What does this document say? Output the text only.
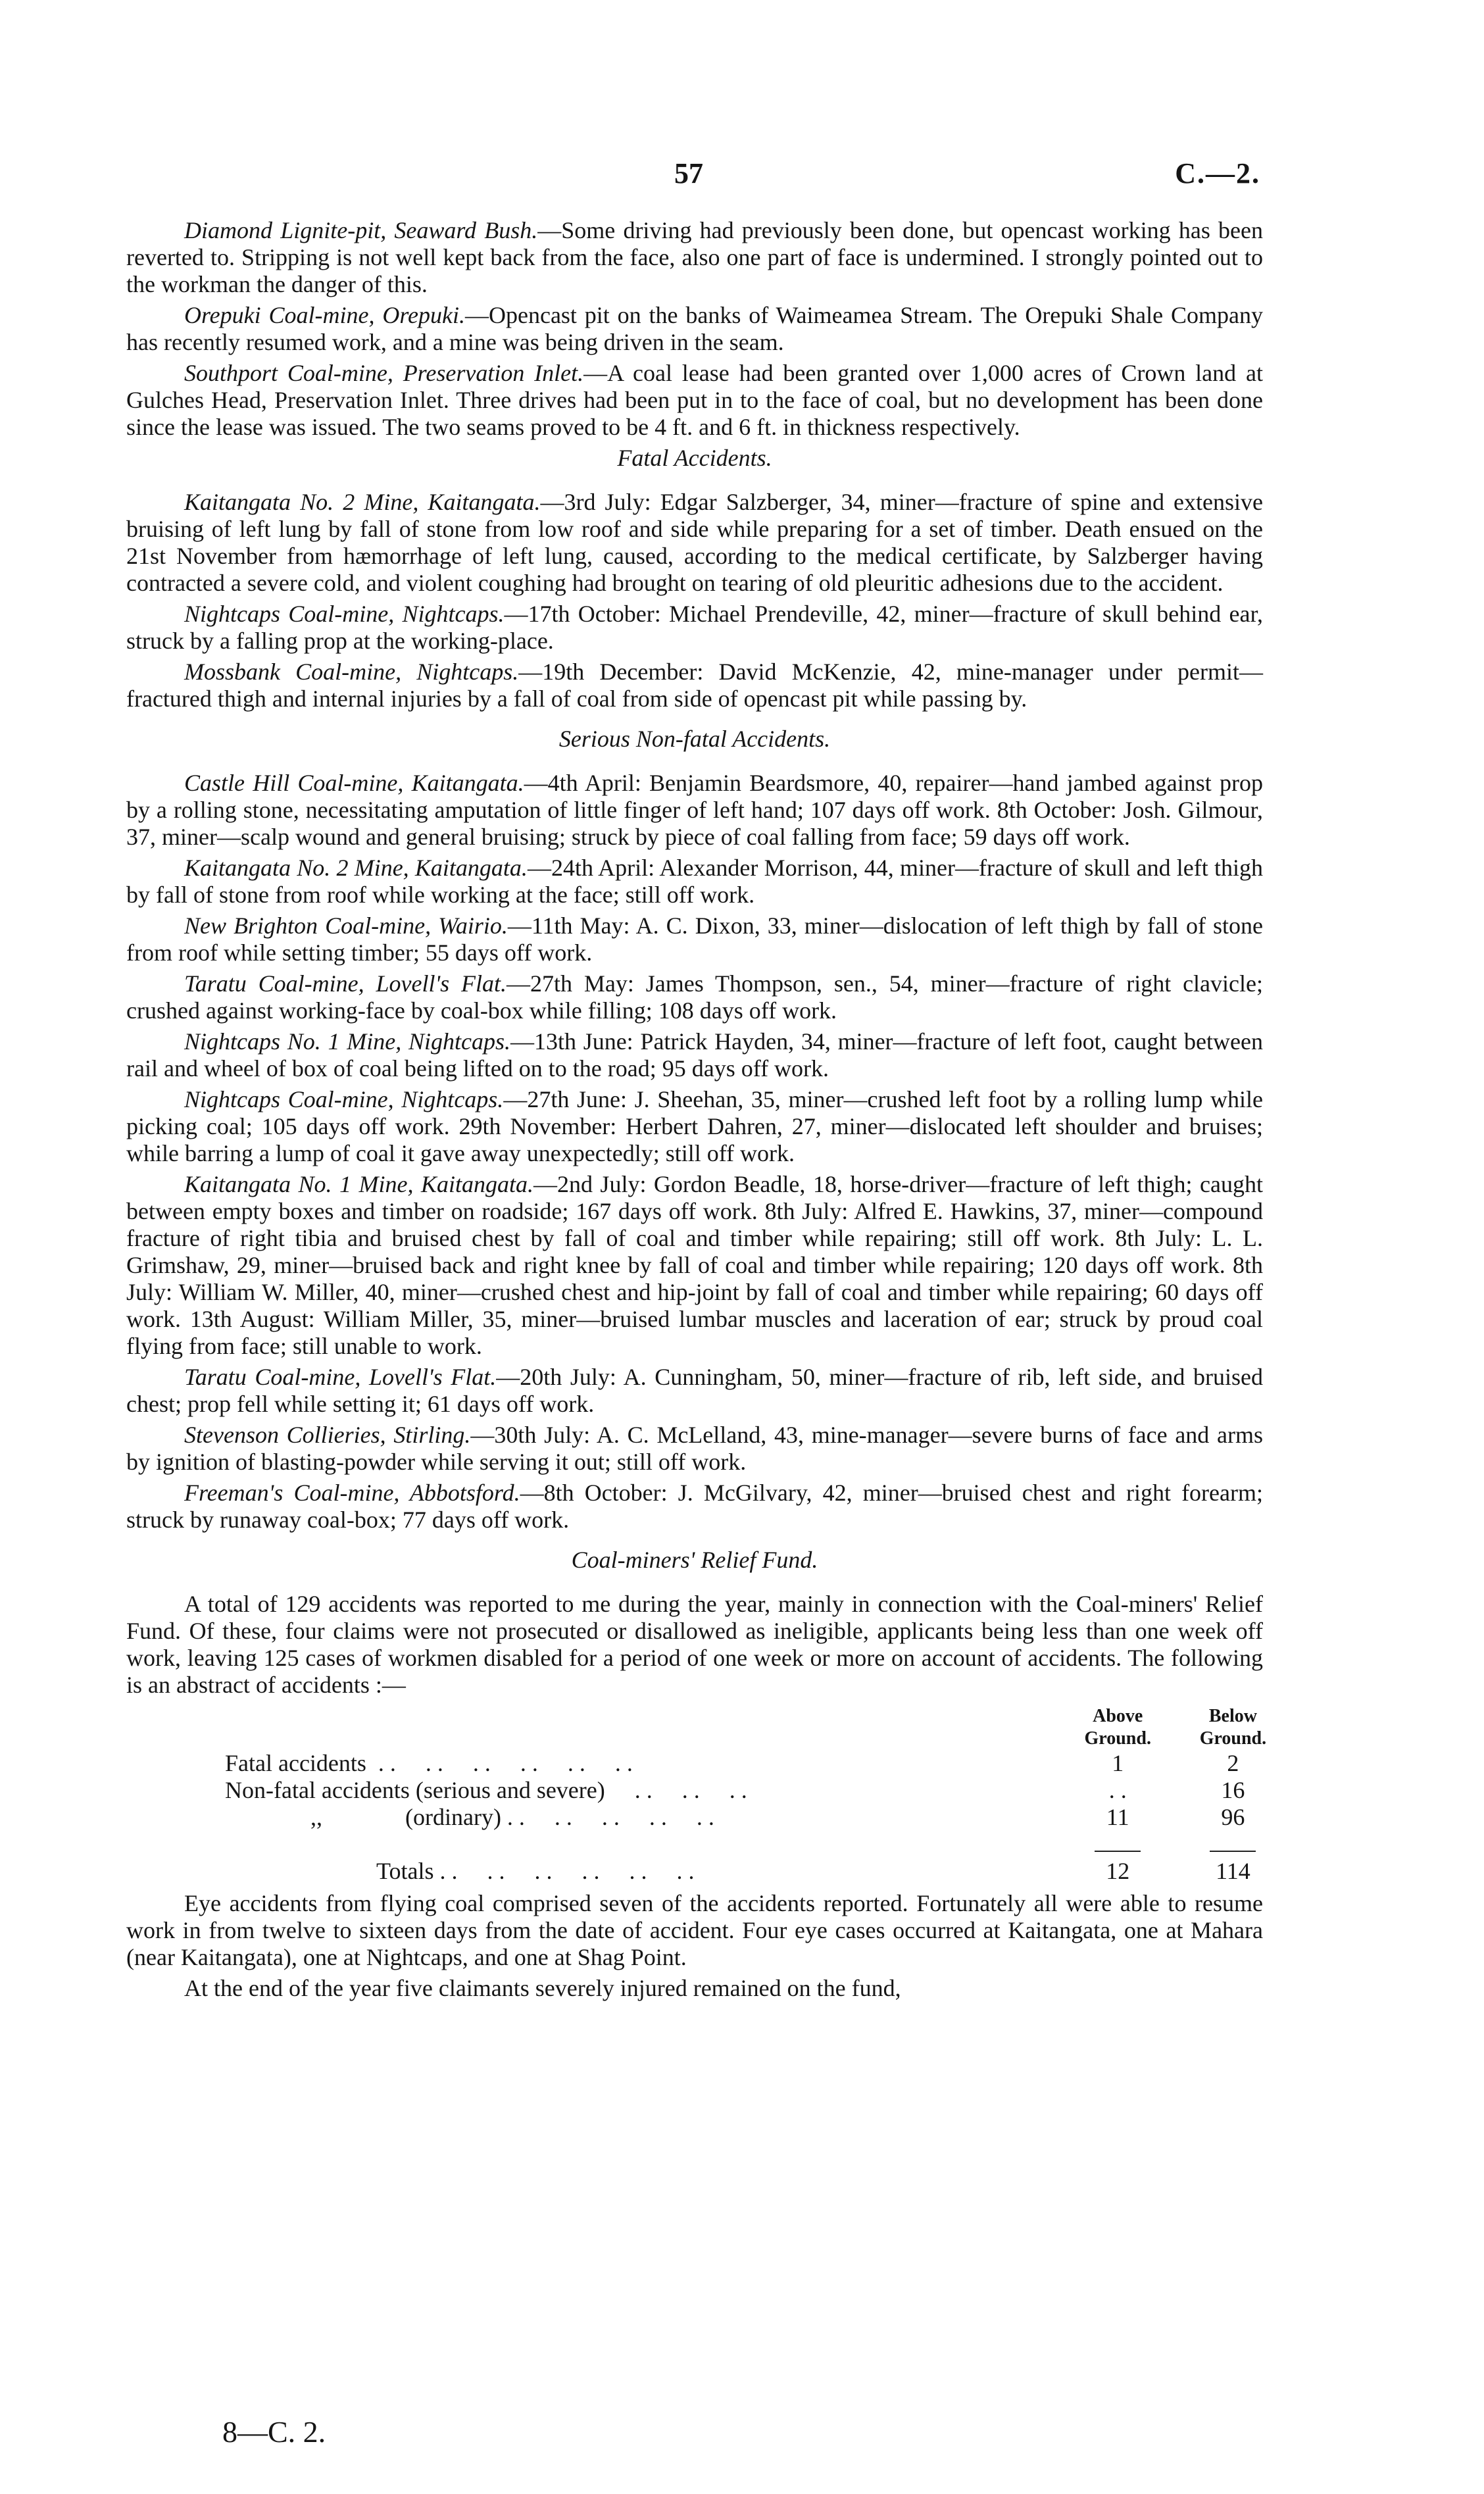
57	C.—2.

Diamond Lignite-pit, Seaward Bush.—Some driving had previously been done, but opencast working has been reverted to. Stripping is not well kept back from the face, also one part of face is undermined. I strongly pointed out to the workman the danger of this.

Orepuki Coal-mine, Orepuki.—Opencast pit on the banks of Waimeamea Stream. The Orepuki Shale Company has recently resumed work, and a mine was being driven in the seam.

Southport Coal-mine, Preservation Inlet.—A coal lease had been granted over 1,000 acres of Crown land at Gulches Head, Preservation Inlet. Three drives had been put in to the face of coal, but no development has been done since the lease was issued. The two seams proved to be 4 ft. and 6 ft. in thickness respectively.

Fatal Accidents.

Kaitangata No. 2 Mine, Kaitangata.—3rd July: Edgar Salzberger, 34, miner—fracture of spine and extensive bruising of left lung by fall of stone from low roof and side while preparing for a set of timber. Death ensued on the 21st November from hæmorrhage of left lung, caused, according to the medical certificate, by Salzberger having contracted a severe cold, and violent coughing had brought on tearing of old pleuritic adhesions due to the accident.

Nightcaps Coal-mine, Nightcaps.—17th October: Michael Prendeville, 42, miner—fracture of skull behind ear, struck by a falling prop at the working-place.

Mossbank Coal-mine, Nightcaps.—19th December: David McKenzie, 42, mine-manager under permit—fractured thigh and internal injuries by a fall of coal from side of opencast pit while passing by.

Serious Non-fatal Accidents.

Castle Hill Coal-mine, Kaitangata.—4th April: Benjamin Beardsmore, 40, repairer—hand jambed against prop by a rolling stone, necessitating amputation of little finger of left hand; 107 days off work. 8th October: Josh. Gilmour, 37, miner—scalp wound and general bruising; struck by piece of coal falling from face; 59 days off work.

Kaitangata No. 2 Mine, Kaitangata.—24th April: Alexander Morrison, 44, miner—fracture of skull and left thigh by fall of stone from roof while working at the face; still off work.

New Brighton Coal-mine, Wairio.—11th May: A. C. Dixon, 33, miner—dislocation of left thigh by fall of stone from roof while setting timber; 55 days off work.

Taratu Coal-mine, Lovell's Flat.—27th May: James Thompson, sen., 54, miner—fracture of right clavicle; crushed against working-face by coal-box while filling; 108 days off work.

Nightcaps No. 1 Mine, Nightcaps.—13th June: Patrick Hayden, 34, miner—fracture of left foot, caught between rail and wheel of box of coal being lifted on to the road; 95 days off work.

Nightcaps Coal-mine, Nightcaps.—27th June: J. Sheehan, 35, miner—crushed left foot by a rolling lump while picking coal; 105 days off work. 29th November: Herbert Dahren, 27, miner—dislocated left shoulder and bruises; while barring a lump of coal it gave away unexpectedly; still off work.

Kaitangata No. 1 Mine, Kaitangata.—2nd July: Gordon Beadle, 18, horse-driver—fracture of left thigh; caught between empty boxes and timber on roadside; 167 days off work. 8th July: Alfred E. Hawkins, 37, miner—compound fracture of right tibia and bruised chest by fall of coal and timber while repairing; still off work. 8th July: L. L. Grimshaw, 29, miner—bruised back and right knee by fall of coal and timber while repairing; 120 days off work. 8th July: William W. Miller, 40, miner—crushed chest and hip-joint by fall of coal and timber while repairing; 60 days off work. 13th August: William Miller, 35, miner—bruised lumbar muscles and laceration of ear; struck by proud coal flying from face; still unable to work.

Taratu Coal-mine, Lovell's Flat.—20th July: A. Cunningham, 50, miner—fracture of rib, left side, and bruised chest; prop fell while setting it; 61 days off work.

Stevenson Collieries, Stirling.—30th July: A. C. McLelland, 43, mine-manager—severe burns of face and arms by ignition of blasting-powder while serving it out; still off work.

Freeman's Coal-mine, Abbotsford.—8th October: J. McGilvary, 42, miner—bruised chest and right forearm; struck by runaway coal-box; 77 days off work.

Coal-miners' Relief Fund.

A total of 129 accidents was reported to me during the year, mainly in connection with the Coal-miners' Relief Fund. Of these, four claims were not prosecuted or disallowed as ineligible, applicants being less than one week off work, leaving 125 cases of workmen disabled for a period of one week or more on account of accidents. The following is an abstract of accidents :—

	Above Ground.	Below Ground.
Fatal accidents  . .     . .     . .     . .     . .     . .	1	2
Non-fatal accidents (serious and severe)     . .     . .     . .	. .	16
,,              (ordinary) . .     . .     . .     . .     . .	11	96

Totals . .     . .     . .     . .     . .     . .	12	114

Eye accidents from flying coal comprised seven of the accidents reported. Fortunately all were able to resume work in from twelve to sixteen days from the date of accident. Four eye cases occurred at Kaitangata, one at Mahara (near Kaitangata), one at Nightcaps, and one at Shag Point.

At the end of the year five claimants severely injured remained on the fund,

8—C. 2.
